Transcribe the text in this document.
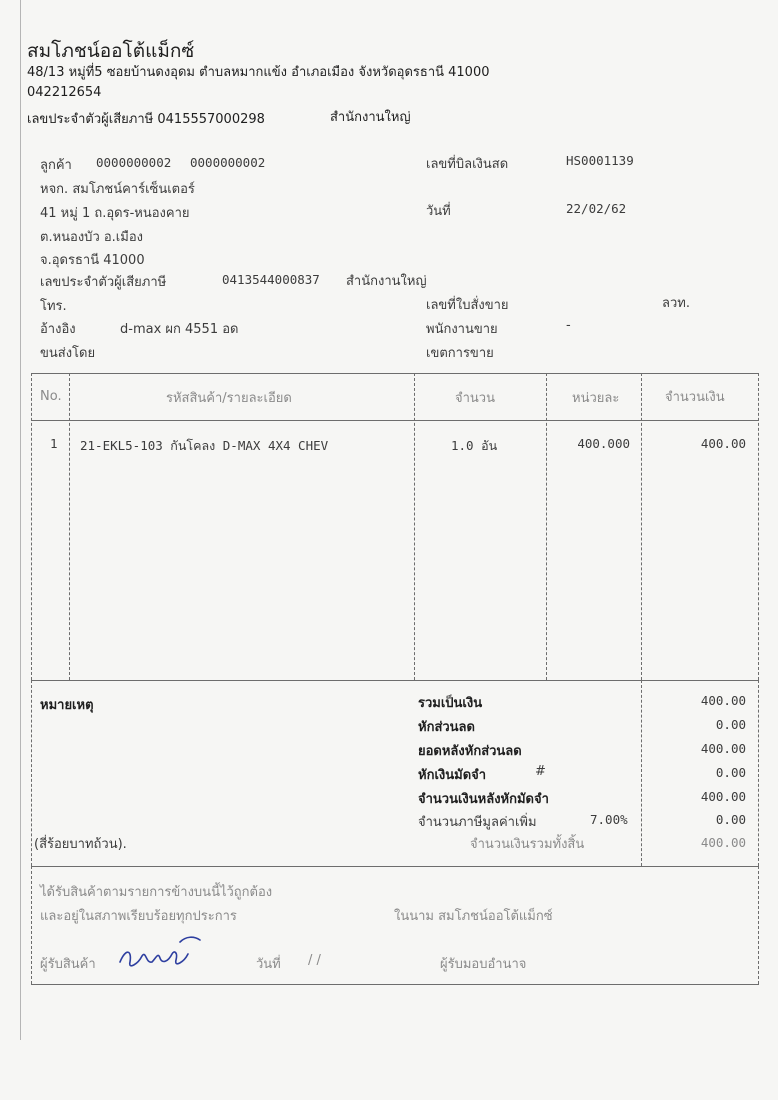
สมโภชน์ออโต้แม็กซ์
48/13 หมู่ที่5 ซอยบ้านดงอุดม ตำบลหมากแข้ง อำเภอเมือง จังหวัดอุดรธานี 41000
042212654
เลขประจำตัวผู้เสียภาษี 0415557000298	สำนักงานใหญ่
ลูกค้า 0000000002 0000000002
หจก. สมโภชน์คาร์เซ็นเตอร์
41 หมู่ 1 ถ.อุดร-หนองคาย
ต.หนองบัว อ.เมือง
จ.อุดรธานี 41000
เลขประจำตัวผู้เสียภาษี	0413544000837 สำนักงานใหญ่
โทร.
อ้างอิง	d-max ผก 4551 อด
ขนส่งโดย
เลขที่บิลเงินสด	HS0001139
วันที่	22/02/62
เลขที่ใบสั่งขาย	ลวท.
พนักงานขาย	-
เขตการขาย
No.	รหัสสินค้า/รายละเอียด	จำนวน	หน่วยละ	จำนวนเงิน
1 21-EKL5-103 กันโคลง D-MAX 4X4 CHEV	1.0 อัน	400.000	400.00
หมายเหตุ
(สี่ร้อยบาทถ้วน).
รวมเป็นเงิน	400.00
หักส่วนลด	0.00
ยอดหลังหักส่วนลด	400.00
หักเงินมัดจำ	#	0.00
จำนวนเงินหลังหักมัดจำ	400.00
จำนวนภาษีมูลค่าเพิ่ม	7.00%	0.00
จำนวนเงินรวมทั้งสิ้น	400.00
ได้รับสินค้าตามรายการข้างบนนี้ไว้ถูกต้อง
และอยู่ในสภาพเรียบร้อยทุกประการ	ในนาม สมโภชน์ออโต้แม็กซ์
ผู้รับสินค้า	วันที่ / /	ผู้รับมอบอำนาจ
